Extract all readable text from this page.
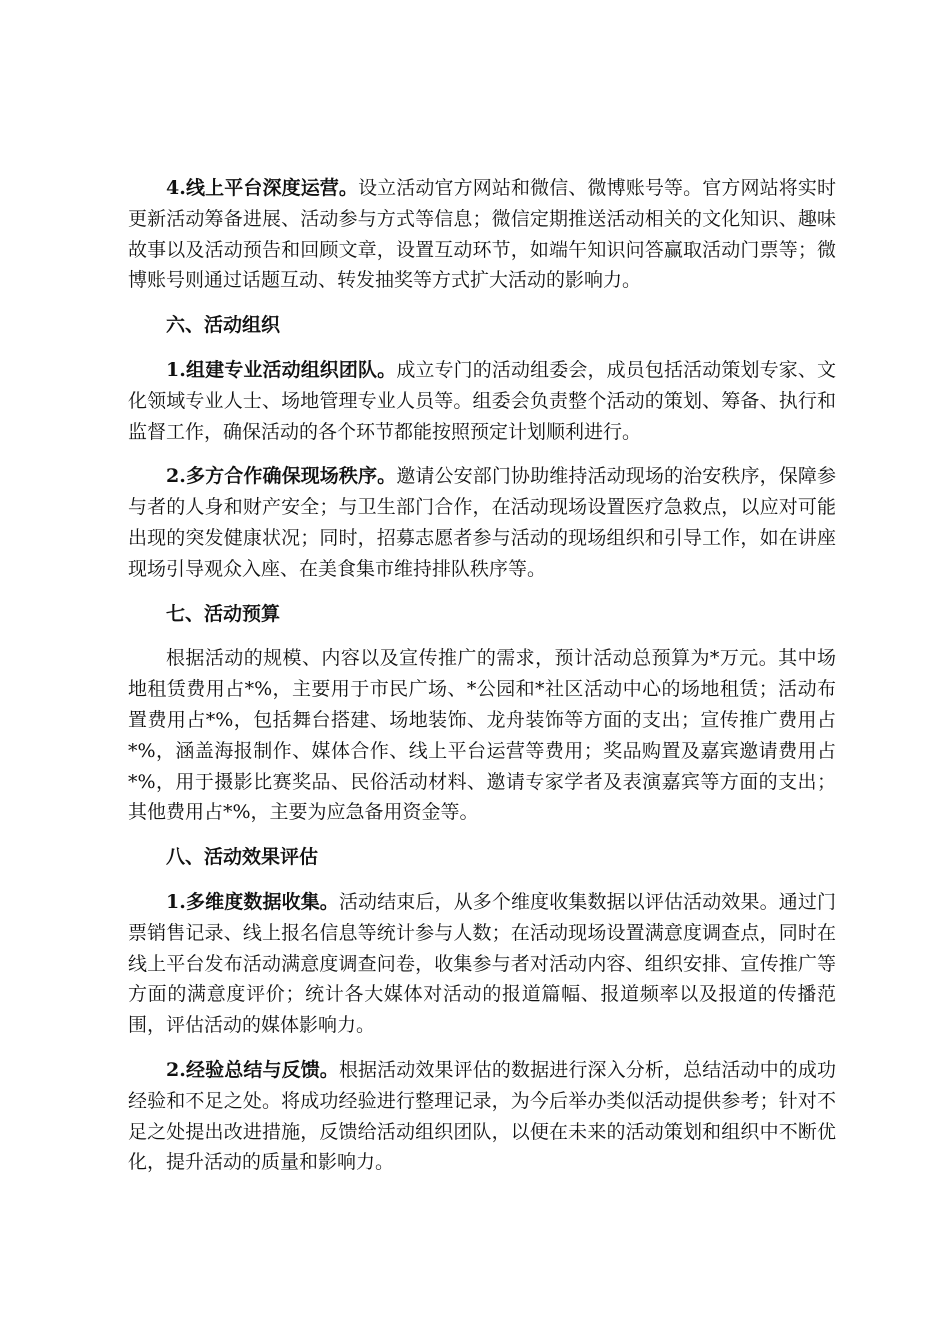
4.线上平台深度运营。设立活动官方网站和微信、微博账号等。官方网站将实时更新活动筹备进展、活动参与方式等信息；微信定期推送活动相关的文化知识、趣味故事以及活动预告和回顾文章，设置互动环节，如端午知识问答赢取活动门票等；微博账号则通过话题互动、转发抽奖等方式扩大活动的影响力。

六、活动组织

1.组建专业活动组织团队。成立专门的活动组委会，成员包括活动策划专家、文化领域专业人士、场地管理专业人员等。组委会负责整个活动的策划、筹备、执行和监督工作，确保活动的各个环节都能按照预定计划顺利进行。

2.多方合作确保现场秩序。邀请公安部门协助维持活动现场的治安秩序，保障参与者的人身和财产安全；与卫生部门合作，在活动现场设置医疗急救点，以应对可能出现的突发健康状况；同时，招募志愿者参与活动的现场组织和引导工作，如在讲座现场引导观众入座、在美食集市维持排队秩序等。

七、活动预算

根据活动的规模、内容以及宣传推广的需求，预计活动总预算为*万元。其中场地租赁费用占*%，主要用于市民广场、*公园和*社区活动中心的场地租赁；活动布置费用占*%，包括舞台搭建、场地装饰、龙舟装饰等方面的支出；宣传推广费用占*%，涵盖海报制作、媒体合作、线上平台运营等费用；奖品购置及嘉宾邀请费用占*%，用于摄影比赛奖品、民俗活动材料、邀请专家学者及表演嘉宾等方面的支出；其他费用占*%，主要为应急备用资金等。

八、活动效果评估

1.多维度数据收集。活动结束后，从多个维度收集数据以评估活动效果。通过门票销售记录、线上报名信息等统计参与人数；在活动现场设置满意度调查点，同时在线上平台发布活动满意度调查问卷，收集参与者对活动内容、组织安排、宣传推广等方面的满意度评价；统计各大媒体对活动的报道篇幅、报道频率以及报道的传播范围，评估活动的媒体影响力。

2.经验总结与反馈。根据活动效果评估的数据进行深入分析，总结活动中的成功经验和不足之处。将成功经验进行整理记录，为今后举办类似活动提供参考；针对不足之处提出改进措施，反馈给活动组织团队，以便在未来的活动策划和组织中不断优化，提升活动的质量和影响力。
